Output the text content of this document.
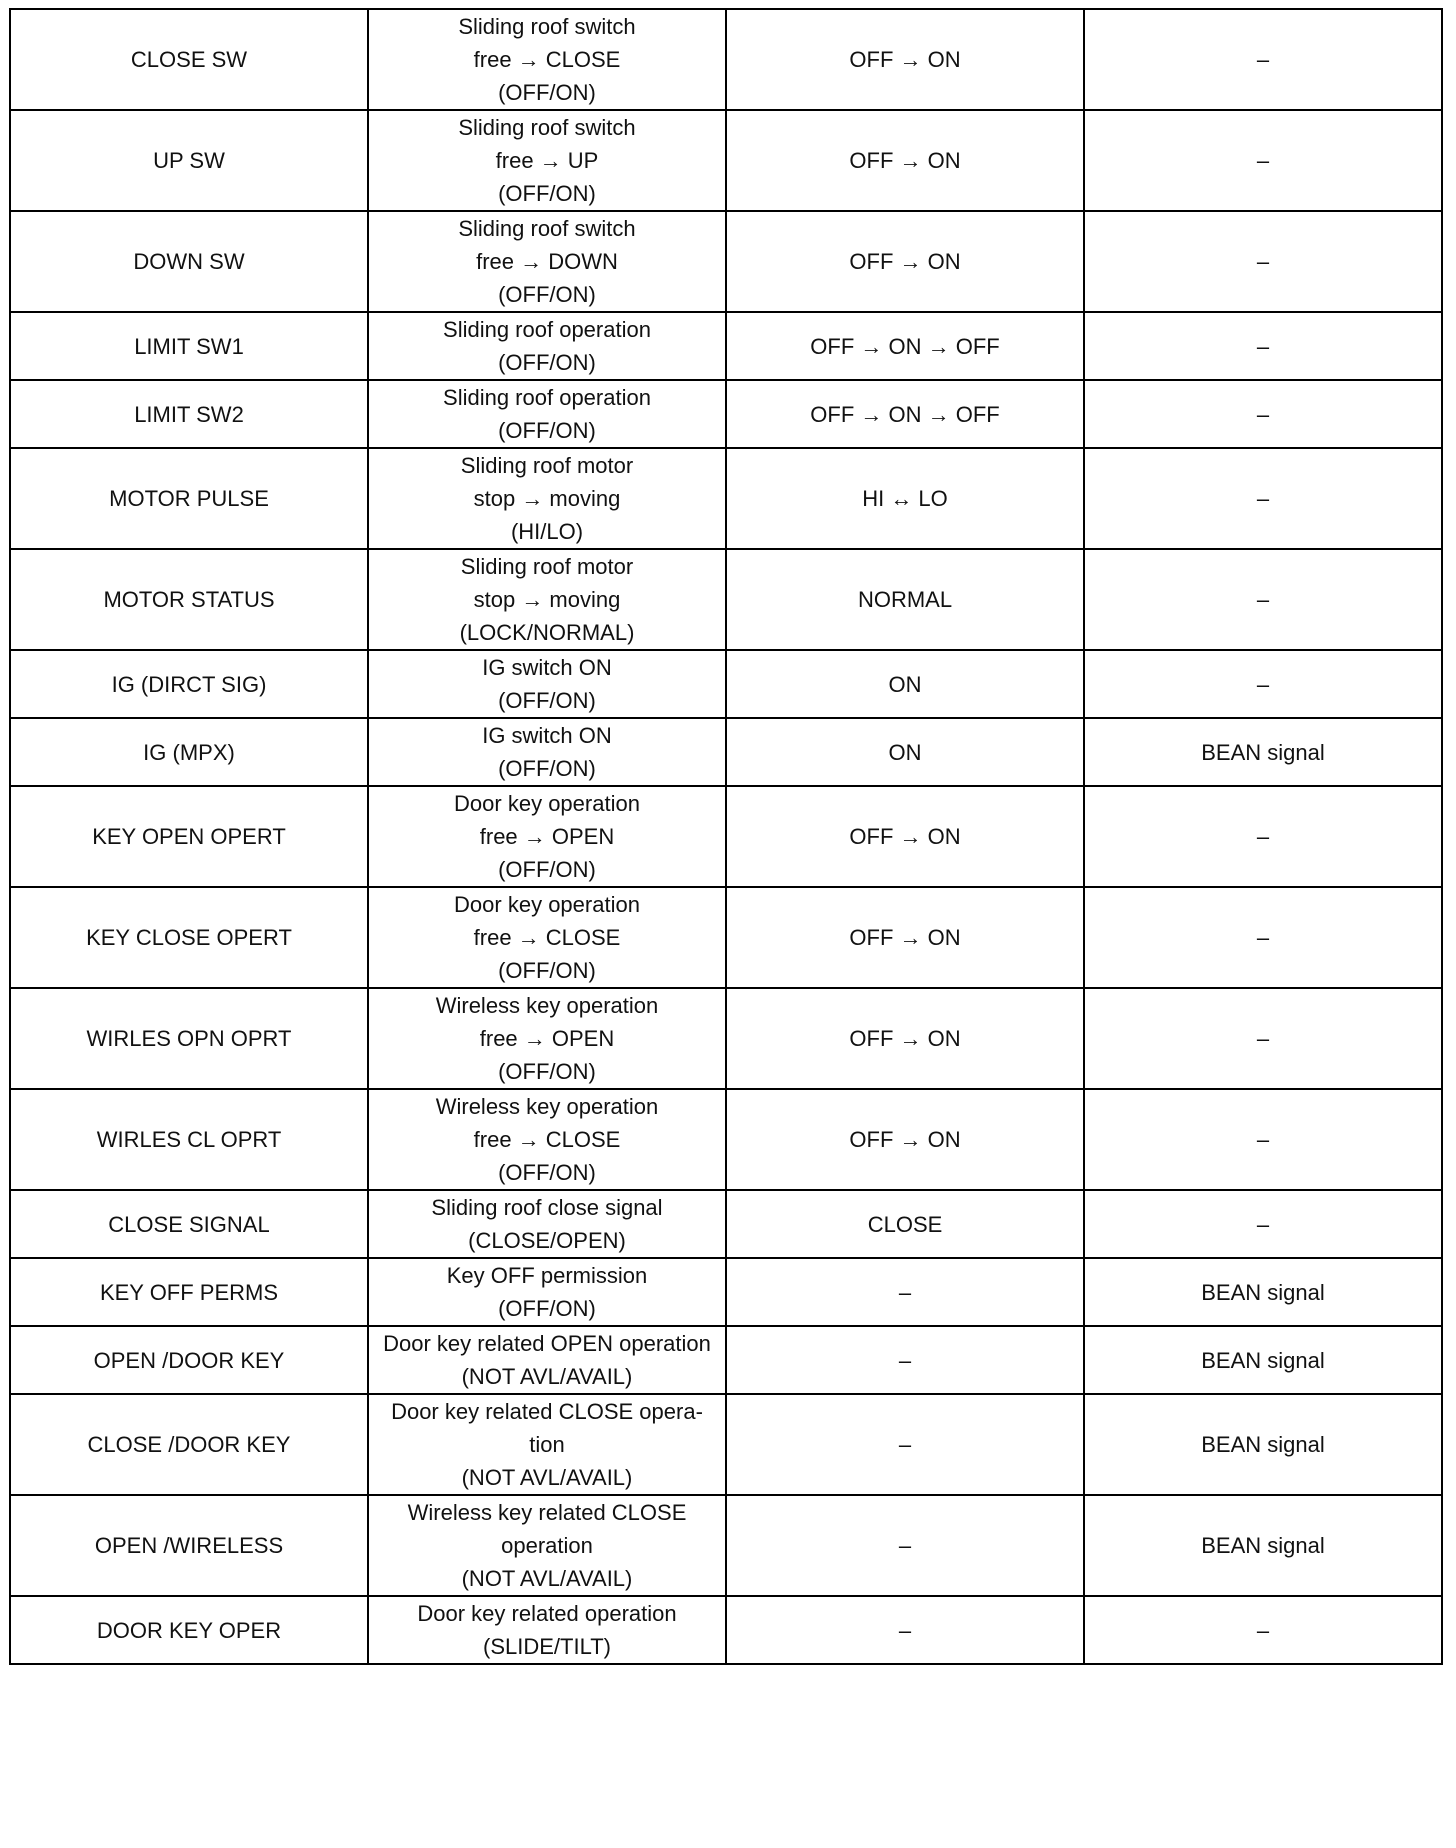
CLOSE SW	Sliding roof switch
free → CLOSE
(OFF/ON)	OFF → ON	–
UP SW	Sliding roof switch
free → UP
(OFF/ON)	OFF → ON	–
DOWN SW	Sliding roof switch
free → DOWN
(OFF/ON)	OFF → ON	–
LIMIT SW1	Sliding roof operation
(OFF/ON)	OFF → ON → OFF	–
LIMIT SW2	Sliding roof operation
(OFF/ON)	OFF → ON → OFF	–
MOTOR PULSE	Sliding roof motor
stop → moving
(HI/LO)	HI ↔ LO	–
MOTOR STATUS	Sliding roof motor
stop → moving
(LOCK/NORMAL)	NORMAL	–
IG (DIRCT SIG)	IG switch ON
(OFF/ON)	ON	–
IG (MPX)	IG switch ON
(OFF/ON)	ON	BEAN signal
KEY OPEN OPERT	Door key operation
free → OPEN
(OFF/ON)	OFF → ON	–
KEY CLOSE OPERT	Door key operation
free → CLOSE
(OFF/ON)	OFF → ON	–
WIRLES OPN OPRT	Wireless key operation
free → OPEN
(OFF/ON)	OFF → ON	–
WIRLES CL OPRT	Wireless key operation
free → CLOSE
(OFF/ON)	OFF → ON	–
CLOSE SIGNAL	Sliding roof close signal
(CLOSE/OPEN)	CLOSE	–
KEY OFF PERMS	Key OFF permission
(OFF/ON)	–	BEAN signal
OPEN /DOOR KEY	Door key related OPEN operation
(NOT AVL/AVAIL)	–	BEAN signal
CLOSE /DOOR KEY	Door key related CLOSE opera-
tion
(NOT AVL/AVAIL)	–	BEAN signal
OPEN /WIRELESS	Wireless key related CLOSE
operation
(NOT AVL/AVAIL)	–	BEAN signal
DOOR KEY OPER	Door key related operation
(SLIDE/TILT)	–	–
